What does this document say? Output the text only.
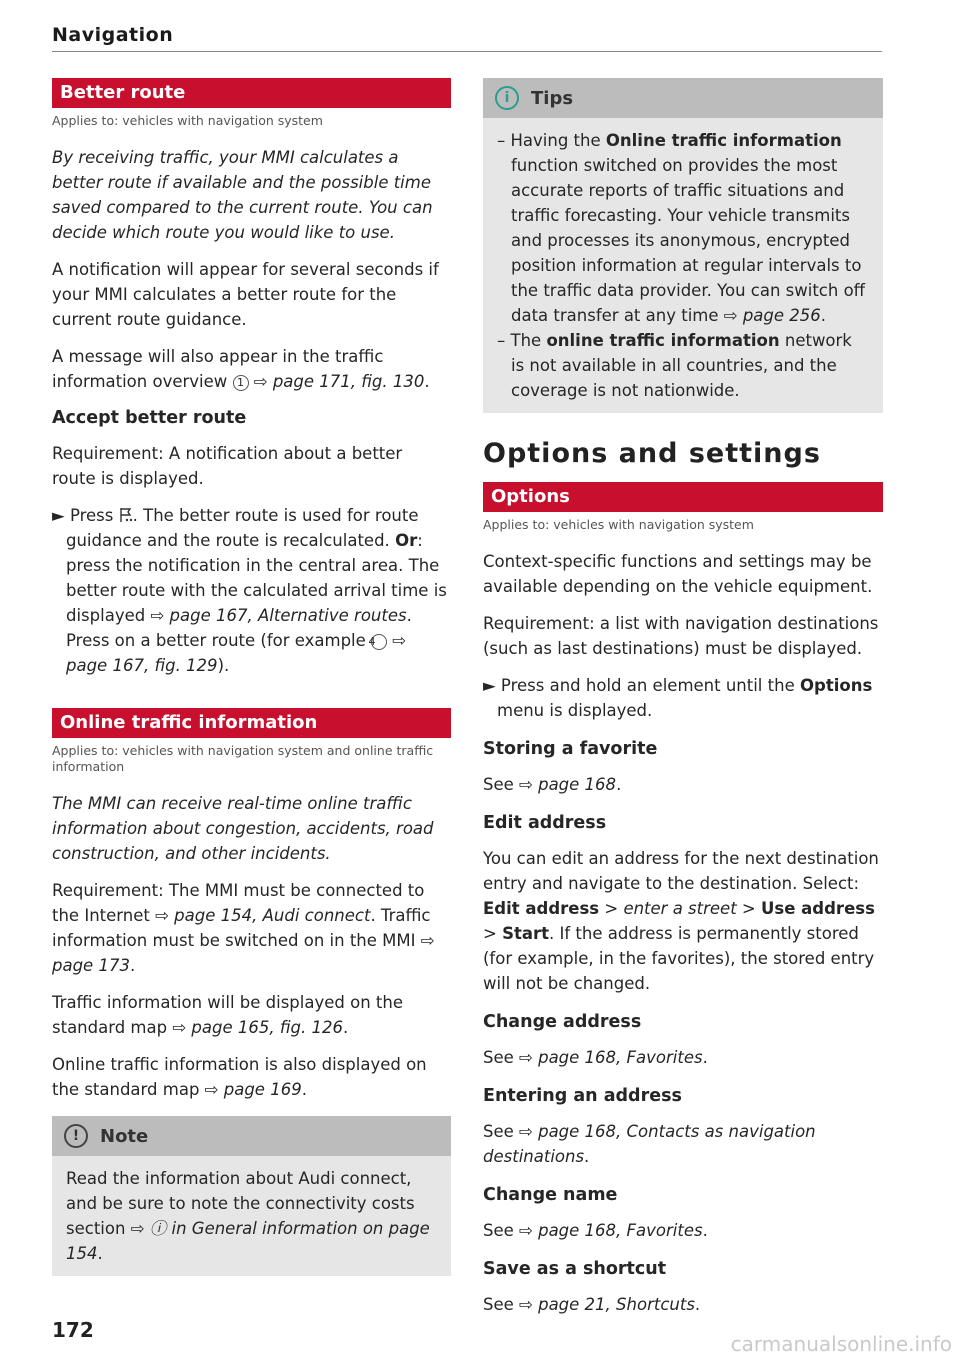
Navigation
Better route
Applies to: vehicles with navigation system

By receiving traffic, your MMI calculates a better route if available and the possible time saved compared to the current route. You can decide which route you would like to use.

A notification will appear for several seconds if your MMI calculates a better route for the current route guidance.

A message will also appear in the traffic information overview 1 ⇨ page 171, fig. 130.

Accept better route

Requirement: A notification about a better route is displayed.

► Press . The better route is used for route guidance and the route is recalculated. Or: press the notification in the central area. The better route with the calculated arrival time is displayed ⇨ page 167, Alternative routes. Press on a better route (for example 4 ⇨ page 167, fig. 129).

Online traffic information
Applies to: vehicles with navigation system and online traffic information

The MMI can receive real-time online traffic information about congestion, accidents, road construction, and other incidents.

Requirement: The MMI must be connected to the Internet ⇨ page 154, Audi connect. Traffic information must be switched on in the MMI ⇨ page 173.

Traffic information will be displayed on the standard map ⇨ page 165, fig. 126.

Online traffic information is also displayed on the standard map ⇨ page 169.

!	Note

Read the information about Audi connect, and be sure to note the connectivity costs section ⇨ ⓘ in General information on page 154.

i	Tips

– Having the Online traffic information function switched on provides the most accurate reports of traffic situations and traffic forecasting. Your vehicle transmits and processes its anonymous, encrypted position information at regular intervals to the traffic data provider. You can switch off data transfer at any time ⇨ page 256.

– The online traffic information network is not available in all countries, and the coverage is not nationwide.

Options and settings
Options
Applies to: vehicles with navigation system

Context-specific functions and settings may be available depending on the vehicle equipment.

Requirement: a list with navigation destinations (such as last destinations) must be displayed.

► Press and hold an element until the Options menu is displayed.

Storing a favorite

See ⇨ page 168.

Edit address

You can edit an address for the next destination entry and navigate to the destination. Select: Edit address > enter a street > Use address > Start. If the address is permanently stored (for example, in the favorites), the stored entry will not be changed.

Change address

See ⇨ page 168, Favorites.

Entering an address

See ⇨ page 168, Contacts as navigation destinations.

Change name

See ⇨ page 168, Favorites.

Save as a shortcut

See ⇨ page 21, Shortcuts.

172
carmanualsonline.info
